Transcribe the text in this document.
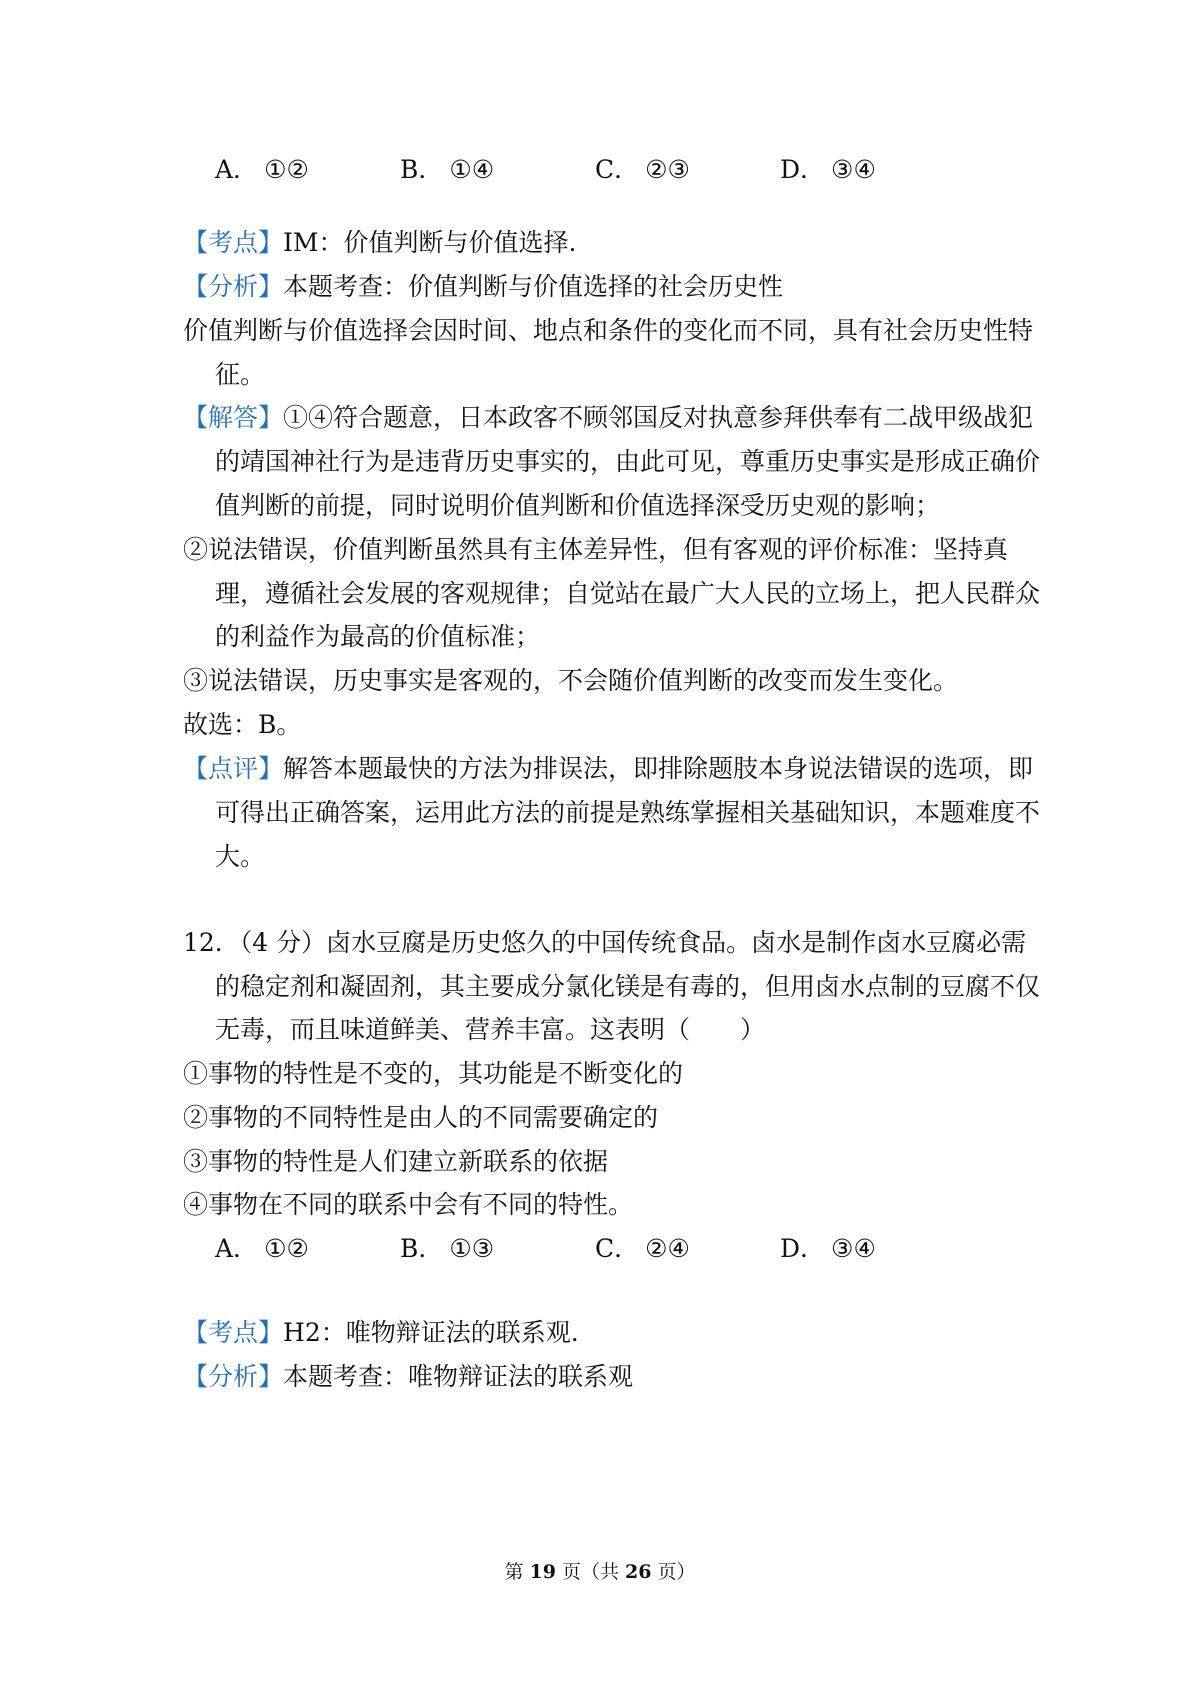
A． ①②	B． ①④	C． ②③	D． ③④
【考点】IM：价值判断与价值选择.
【分析】本题考查：价值判断与价值选择的社会历史性
价值判断与价值选择会因时间、地点和条件的变化而不同，具有社会历史性特
征。
【解答】①④符合题意，日本政客不顾邻国反对执意参拜供奉有二战甲级战犯
的靖国神社行为是违背历史事实的，由此可见，尊重历史事实是形成正确价
值判断的前提，同时说明价值判断和价值选择深受历史观的影响；
②说法错误，价值判断虽然具有主体差异性，但有客观的评价标准：坚持真
理，遵循社会发展的客观规律；自觉站在最广大人民的立场上，把人民群众
的利益作为最高的价值标准；
③说法错误，历史事实是客观的，不会随价值判断的改变而发生变化。
故选：B。
【点评】解答本题最快的方法为排误法，即排除题肢本身说法错误的选项，即
可得出正确答案，运用此方法的前提是熟练掌握相关基础知识，本题难度不
大。
12．（4 分）卤水豆腐是历史悠久的中国传统食品。卤水是制作卤水豆腐必需
的稳定剂和凝固剂，其主要成分氯化镁是有毒的，但用卤水点制的豆腐不仅
无毒，而且味道鲜美、营养丰富。这表明（　　）
①事物的特性是不变的，其功能是不断变化的
②事物的不同特性是由人的不同需要确定的
③事物的特性是人们建立新联系的依据
④事物在不同的联系中会有不同的特性。
A． ①②	B． ①③	C． ②④	D． ③④
【考点】H2：唯物辩证法的联系观.
【分析】本题考查：唯物辩证法的联系观
第 19 页（共 26 页）
